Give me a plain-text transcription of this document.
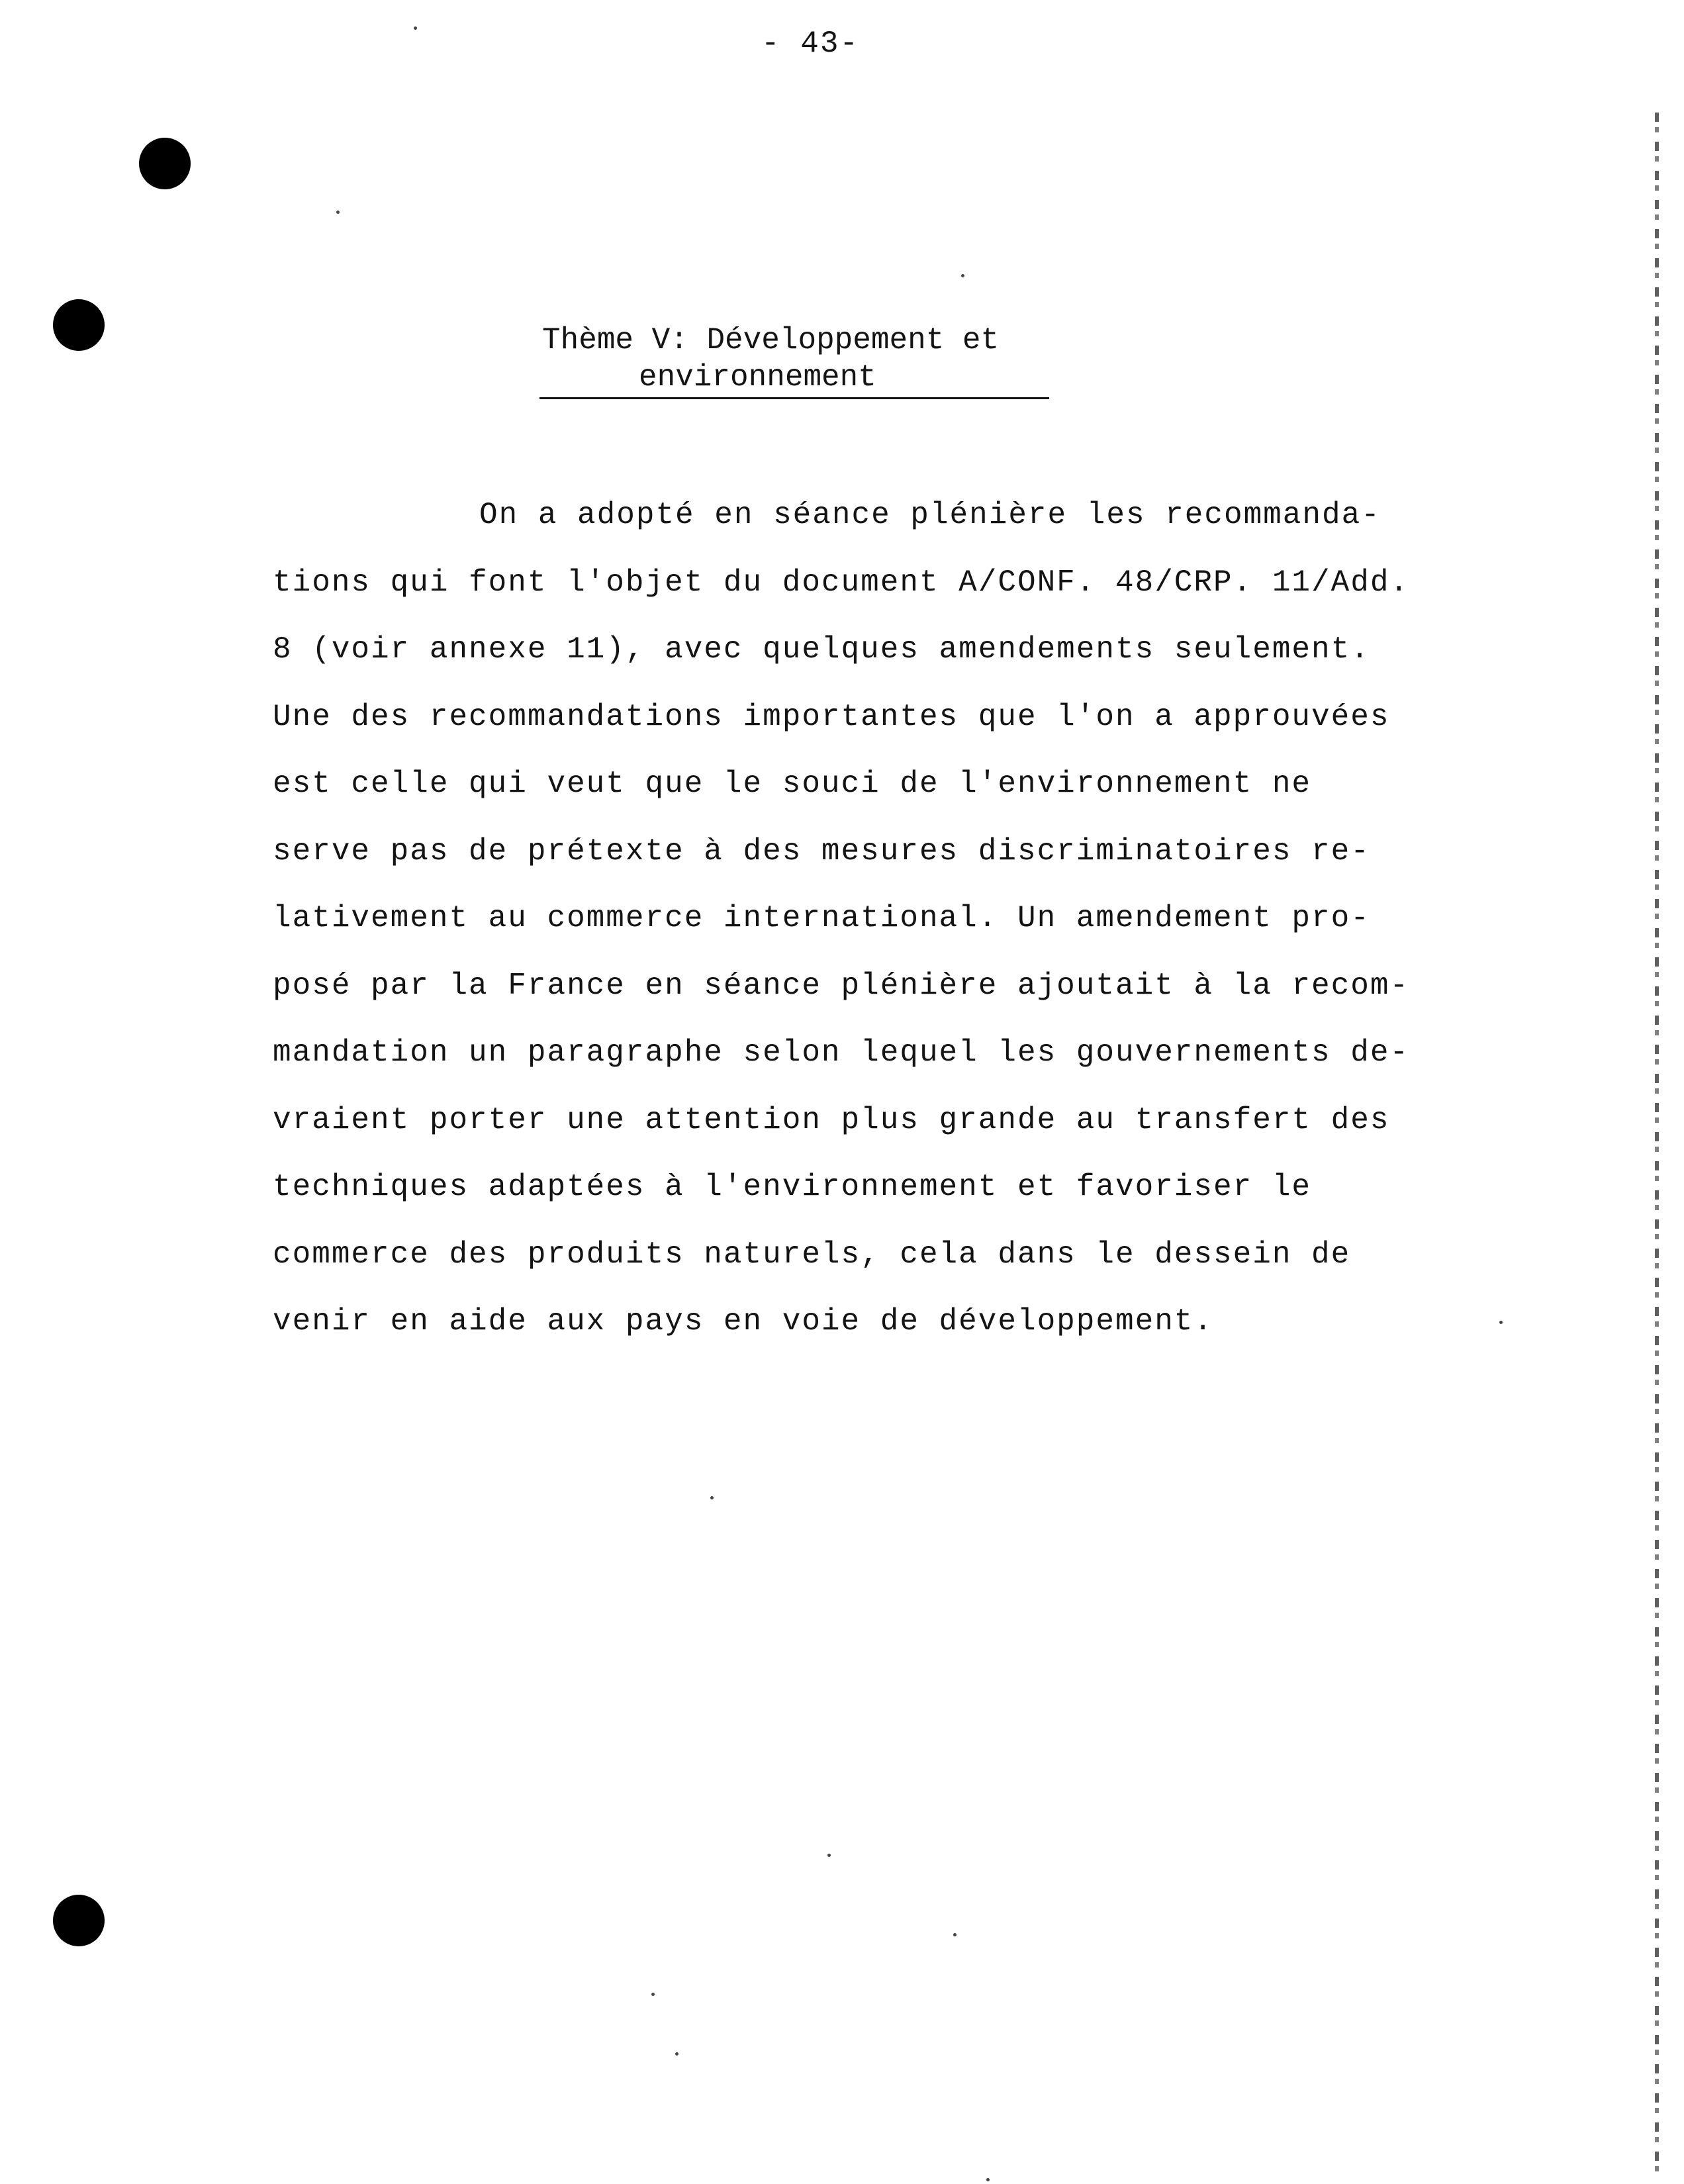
- 43-
Thème V: Développement et
environnement
On a adopté en séance plénière les recommanda-
tions qui font l'objet du document A/CONF. 48/CRP. 11/Add.
8 (voir annexe 11), avec quelques amendements seulement.
Une des recommandations importantes que l'on a approuvées
est celle qui veut que le souci de l'environnement ne
serve pas de prétexte à des mesures discriminatoires re-
lativement au commerce international. Un amendement pro-
posé par la France en séance plénière ajoutait à la recom-
mandation un paragraphe selon lequel les gouvernements de-
vraient porter une attention plus grande au transfert des
techniques adaptées à l'environnement et favoriser le
commerce des produits naturels, cela dans le dessein de
venir en aide aux pays en voie de développement.
